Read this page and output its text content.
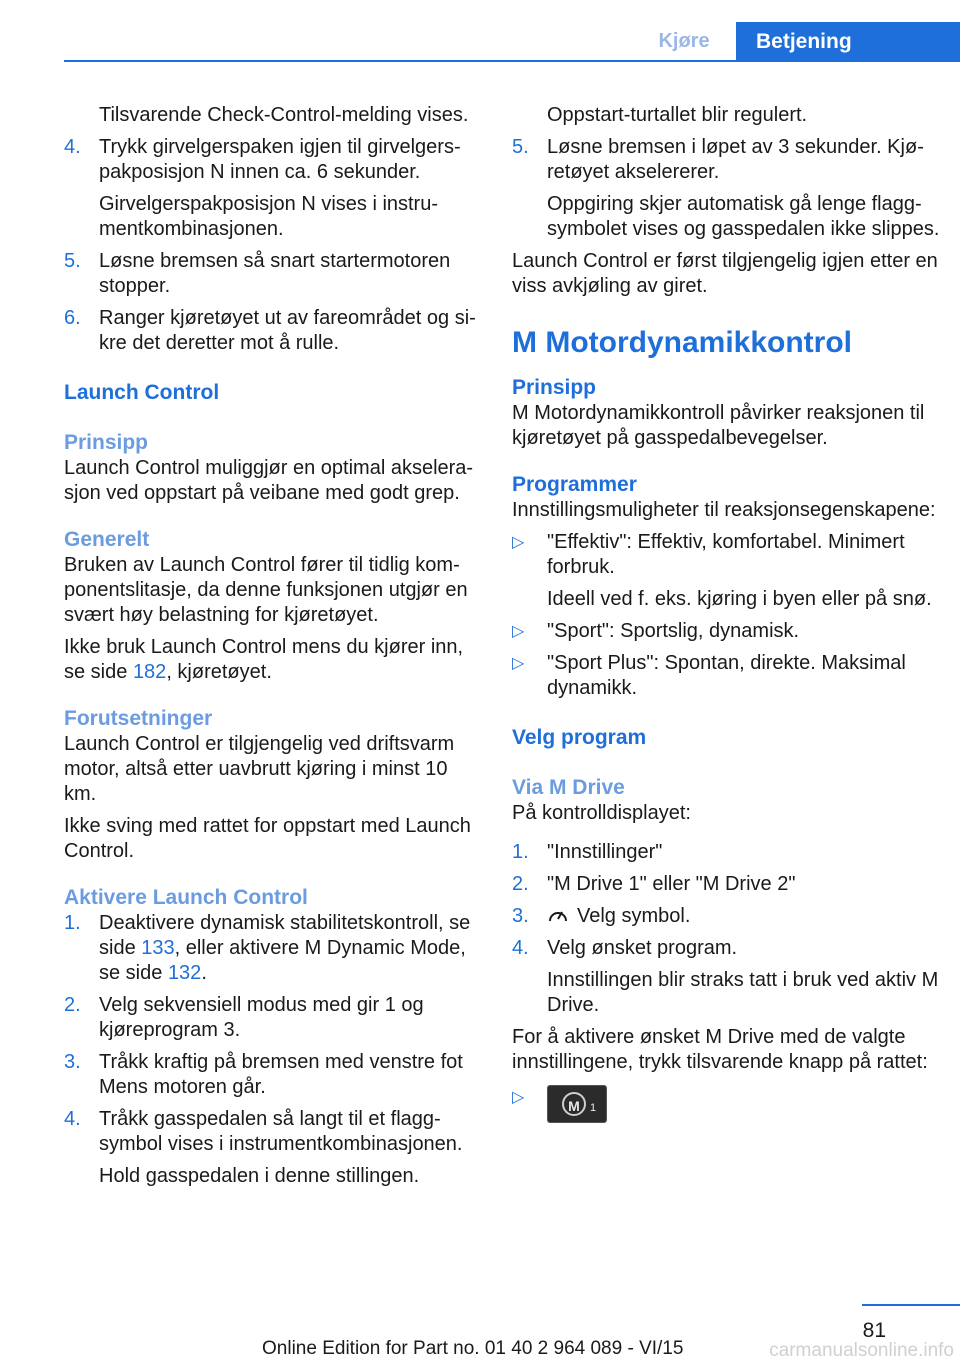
Kjøre	Betjening

Tilsvarende Check-Control-melding vises.

4. Trykk girvelgerspaken igjen til girvelgerspakposisjon N innen ca. 6 sekunder.

Girvelgerspakposisjon N vises i instrumentkombinasjonen.

5. Løsne bremsen så snart startermotoren stopper.
6. Ranger kjøretøyet ut av fareområdet og sikre det deretter mot å rulle.
Launch Control
Prinsipp

Launch Control muliggjør en optimal akselerasjon ved oppstart på veibane med godt grep.

Generelt

Bruken av Launch Control fører til tidlig komponentslitasje, da denne funksjonen utgjør en svært høy belastning for kjøretøyet.

Ikke bruk Launch Control mens du kjører inn, se side 182, kjøretøyet.

Forutsetninger

Launch Control er tilgjengelig ved driftsvarm motor, altså etter uavbrutt kjøring i minst 10 km.

Ikke sving med rattet for oppstart med Launch Control.

Aktivere Launch Control
1. Deaktivere dynamisk stabilitetskontroll, se side 133, eller aktivere M Dynamic Mode, se side 132.
2. Velg sekvensiell modus med gir 1 og kjøreprogram 3.
3. Tråkk kraftig på bremsen med venstre fot Mens motoren går.
4. Tråkk gasspedalen så langt til et flaggsymbol vises i instrumentkombinasjonen.

Hold gasspedalen i denne stillingen.

Oppstart-turtallet blir regulert.

5. Løsne bremsen i løpet av 3 sekunder. Kjøretøyet akselererer.

Oppgiring skjer automatisk gå lenge flaggsymbolet vises og gasspedalen ikke slippes.

Launch Control er først tilgjengelig igjen etter en viss avkjøling av giret.

M Motordynamikkontrol
Prinsipp

M Motordynamikkontroll påvirker reaksjonen til kjøretøyet på gasspedalbevegelser.

Programmer

Innstillingsmuligheter til reaksjonsegenskapene:

▷	"Effektiv": Effektiv, komfortabel. Minimert forbruk.

Ideell ved f. eks. kjøring i byen eller på snø.

▷	"Sport": Sportslig, dynamisk.
▷	"Sport Plus": Spontan, direkte. Maksimal dynamikk.
Velg program
Via M Drive

På kontrolldisplayet:

1. "Innstillinger"
2. "M Drive 1" eller "M Drive 2"
3.	Velg symbol.
4. Velg ønsket program.

Innstillingen blir straks tatt i bruk ved aktiv M Drive.

For å aktivere ønsket M Drive med de valgte innstillingene, trykk tilsvarende knapp på rattet:

▷	M 1
81
Online Edition for Part no. 01 40 2 964 089 - VI/15	carmanualsonline.info
